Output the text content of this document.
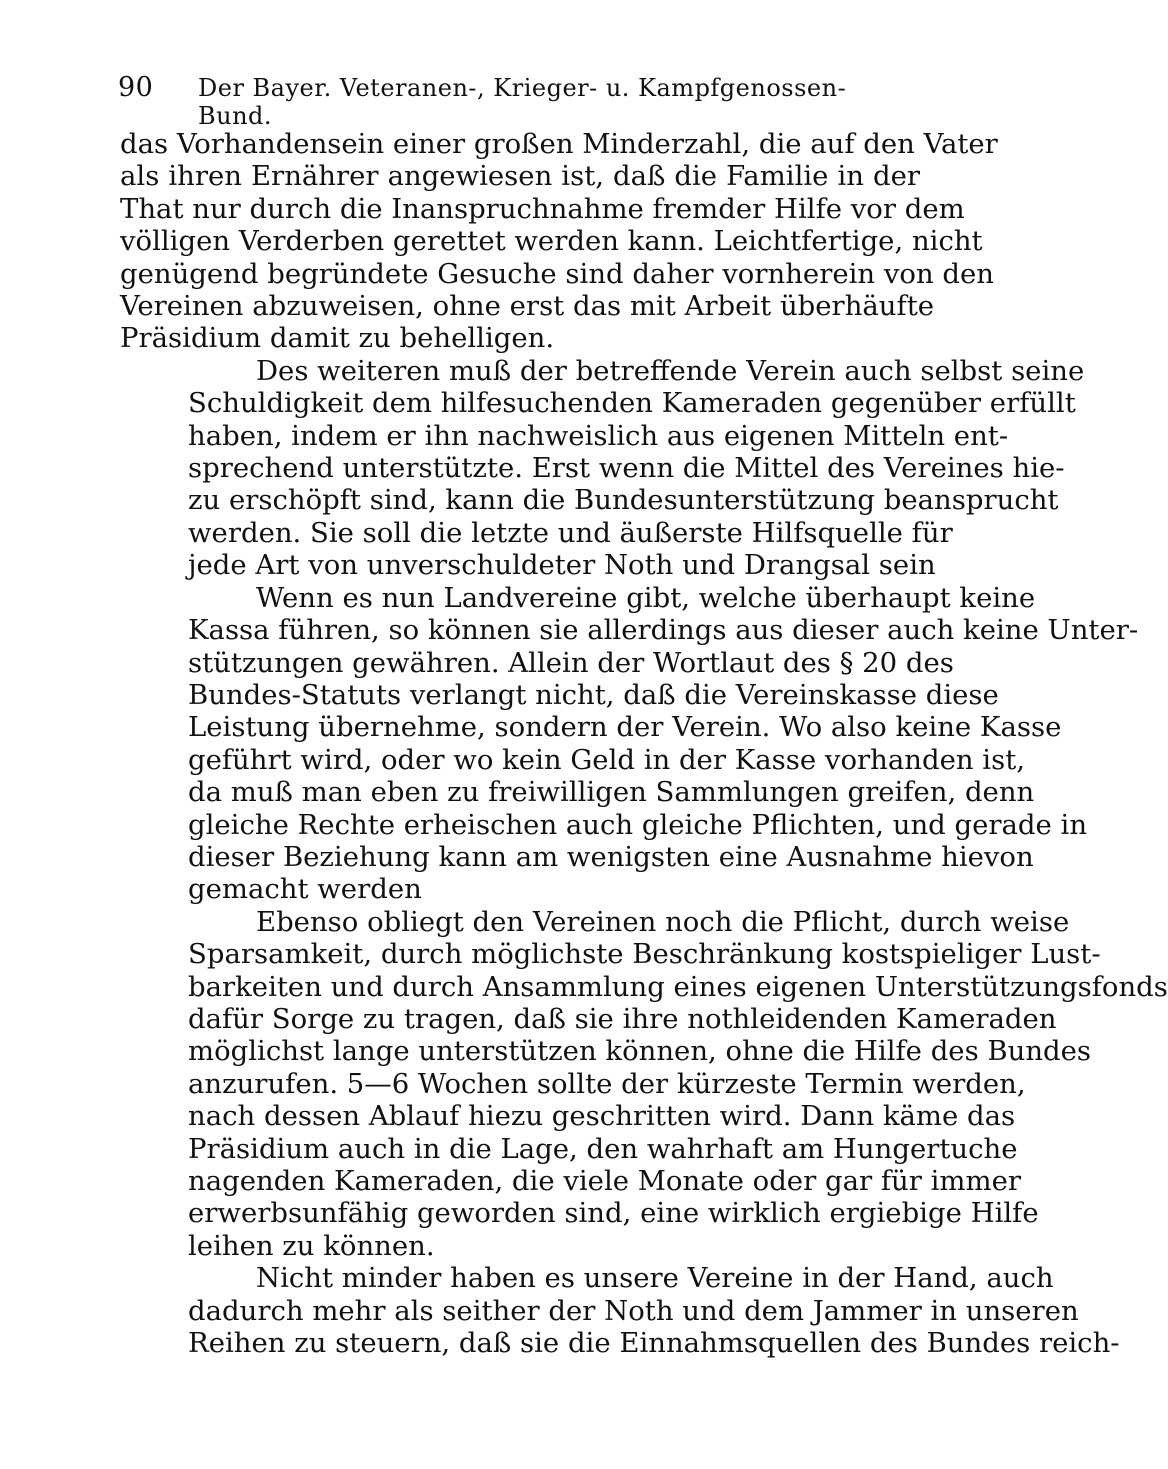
90	Der Bayer. Veteranen-, Krieger- u. Kampfgenossen-Bund.
das Vorhandensein einer großen Minderzahl, die auf den Vater
als ihren Ernährer angewiesen ist, daß die Familie in der
That nur durch die Inanspruchnahme fremder Hilfe vor dem
völligen Verderben gerettet werden kann. Leichtfertige, nicht
genügend begründete Gesuche sind daher vornherein von den
Vereinen abzuweisen, ohne erst das mit Arbeit überhäufte
Präsidium damit zu behelligen.
Des weiteren muß der betreffende Verein auch selbst seine
Schuldigkeit dem hilfesuchenden Kameraden gegenüber erfüllt
haben, indem er ihn nachweislich aus eigenen Mitteln ent-
sprechend unterstützte. Erst wenn die Mittel des Vereines hie-
zu erschöpft sind, kann die Bundesunterstützung beansprucht
werden. Sie soll die letzte und äußerste Hilfsquelle für
jede Art von unverschuldeter Noth und Drangsal sein
Wenn es nun Landvereine gibt, welche überhaupt keine
Kassa führen, so können sie allerdings aus dieser auch keine Unter-
stützungen gewähren. Allein der Wortlaut des § 20 des
Bundes-Statuts verlangt nicht, daß die Vereinskasse diese
Leistung übernehme, sondern der Verein. Wo also keine Kasse
geführt wird, oder wo kein Geld in der Kasse vorhanden ist,
da muß man eben zu freiwilligen Sammlungen greifen, denn
gleiche Rechte erheischen auch gleiche Pflichten, und gerade in
dieser Beziehung kann am wenigsten eine Ausnahme hievon
gemacht werden
Ebenso obliegt den Vereinen noch die Pflicht, durch weise
Sparsamkeit, durch möglichste Beschränkung kostspieliger Lust-
barkeiten und durch Ansammlung eines eigenen Unterstützungsfonds
dafür Sorge zu tragen, daß sie ihre nothleidenden Kameraden
möglichst lange unterstützen können, ohne die Hilfe des Bundes
anzurufen. 5—6 Wochen sollte der kürzeste Termin werden,
nach dessen Ablauf hiezu geschritten wird. Dann käme das
Präsidium auch in die Lage, den wahrhaft am Hungertuche
nagenden Kameraden, die viele Monate oder gar für immer
erwerbsunfähig geworden sind, eine wirklich ergiebige Hilfe
leihen zu können.
Nicht minder haben es unsere Vereine in der Hand, auch
dadurch mehr als seither der Noth und dem Jammer in unseren
Reihen zu steuern, daß sie die Einnahmsquellen des Bundes reich-
